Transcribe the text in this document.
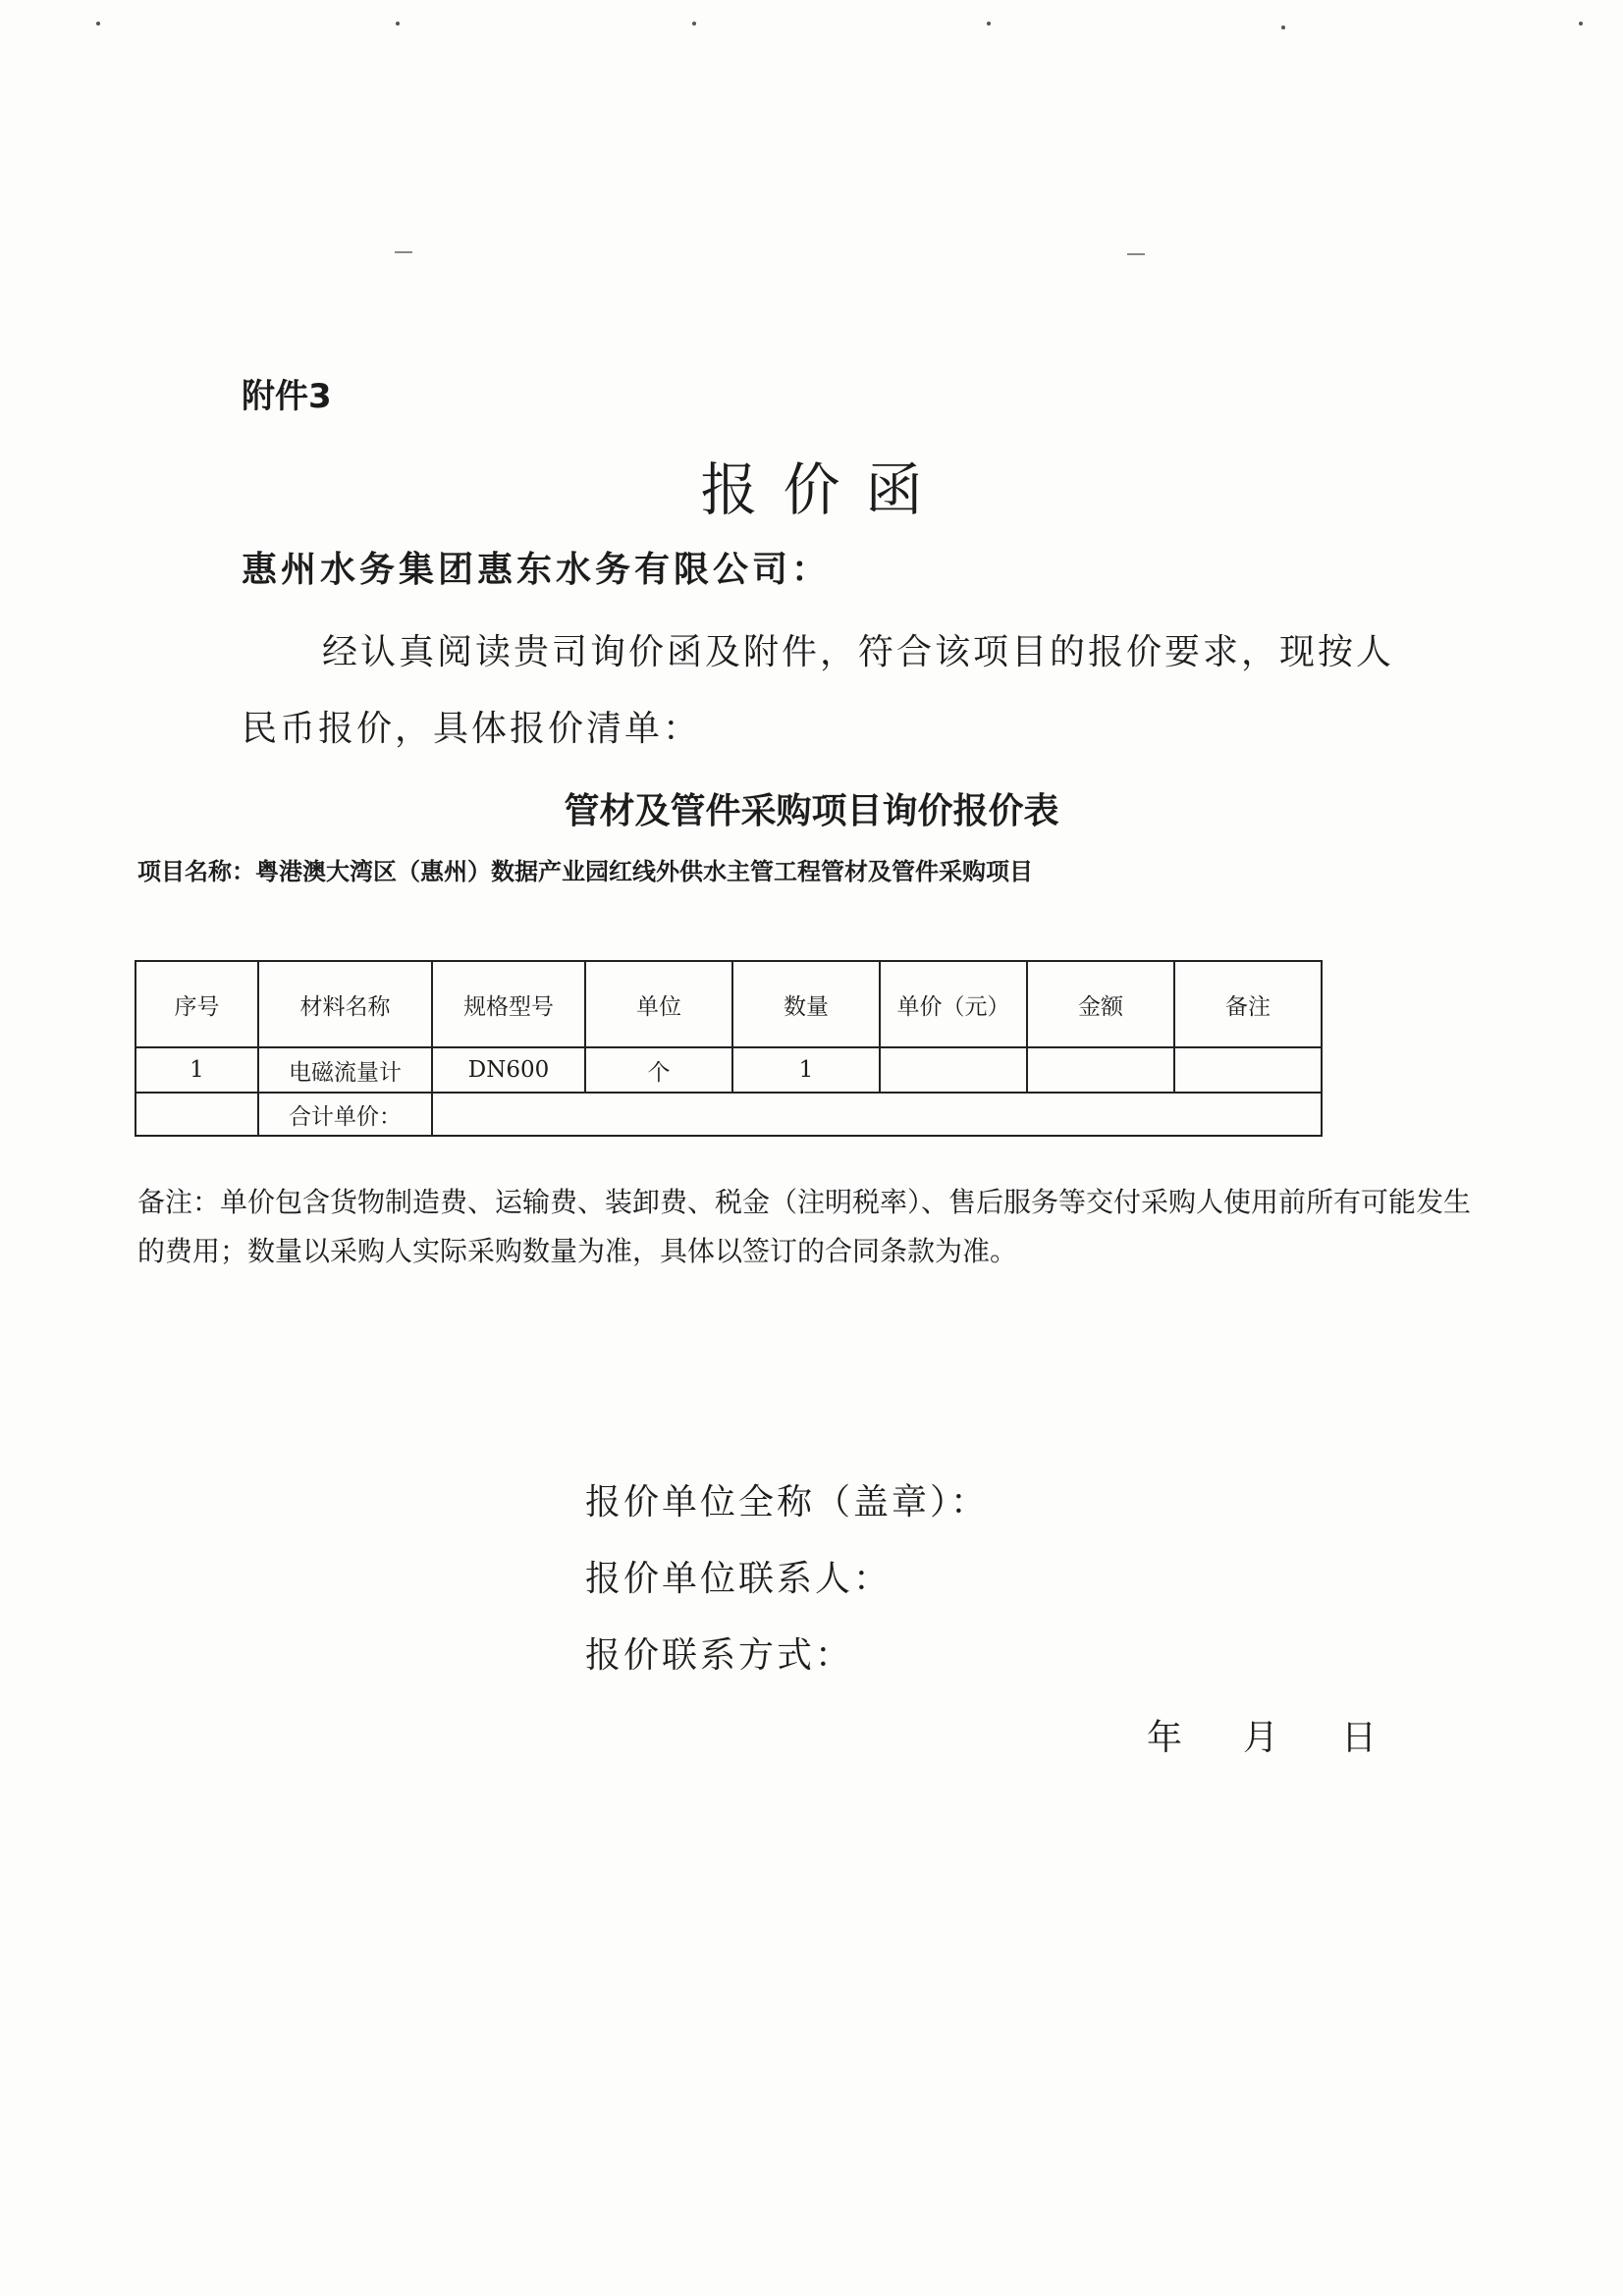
附件3
报价函
惠州水务集团惠东水务有限公司：
经认真阅读贵司询价函及附件，符合该项目的报价要求，现按人
民币报价，具体报价清单：
管材及管件采购项目询价报价表
项目名称：粤港澳大湾区（惠州）数据产业园红线外供水主管工程管材及管件采购项目
序号	材料名称	规格型号	单位	数量	单价（元）	金额	备注
1	电磁流量计	DN600	个	1			
	合计单价：						
备注：单价包含货物制造费、运输费、装卸费、税金（注明税率）、售后服务等交付采购人使用前所有可能发生的费用；数量以采购人实际采购数量为准，具体以签订的合同条款为准。
报价单位全称（盖章）：
报价单位联系人：
报价联系方式：
年 月 日
